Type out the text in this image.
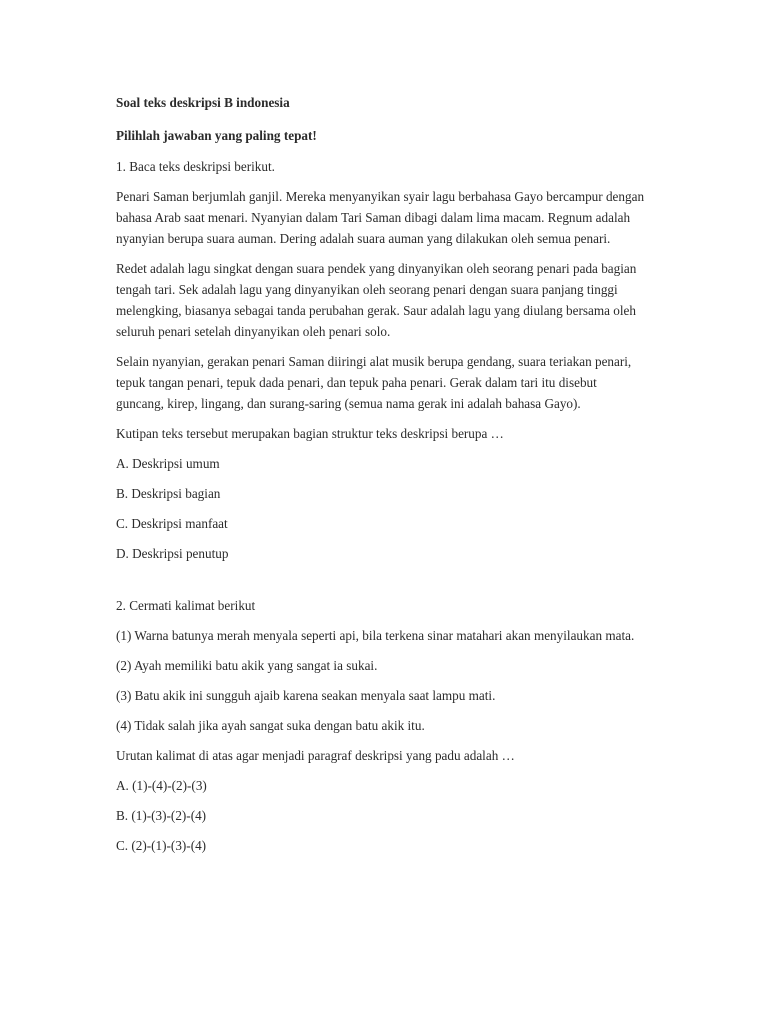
Soal teks deskripsi B indonesia

Pilihlah jawaban yang paling tepat!

1. Baca teks deskripsi berikut.

Penari Saman berjumlah ganjil. Mereka menyanyikan syair lagu berbahasa Gayo bercampur dengan bahasa Arab saat menari. Nyanyian dalam Tari Saman dibagi dalam lima macam. Regnum adalah nyanyian berupa suara auman. Dering adalah suara auman yang dilakukan oleh semua penari.

Redet adalah lagu singkat dengan suara pendek yang dinyanyikan oleh seorang penari pada bagian tengah tari. Sek adalah lagu yang dinyanyikan oleh seorang penari dengan suara panjang tinggi melengking, biasanya sebagai tanda perubahan gerak. Saur adalah lagu yang diulang bersama oleh seluruh penari setelah dinyanyikan oleh penari solo.

Selain nyanyian, gerakan penari Saman diiringi alat musik berupa gendang, suara teriakan penari, tepuk tangan penari, tepuk dada penari, dan tepuk paha penari. Gerak dalam tari itu disebut guncang, kirep, lingang, dan surang-saring (semua nama gerak ini adalah bahasa Gayo).

Kutipan teks tersebut merupakan bagian struktur teks deskripsi berupa …

A. Deskripsi umum

B. Deskripsi bagian

C. Deskripsi manfaat

D. Deskripsi penutup

2. Cermati kalimat berikut

(1) Warna batunya merah menyala seperti api, bila terkena sinar matahari akan menyilaukan mata.

(2) Ayah memiliki batu akik yang sangat ia sukai.

(3) Batu akik ini sungguh ajaib karena seakan menyala saat lampu mati.

(4) Tidak salah jika ayah sangat suka dengan batu akik itu.

Urutan kalimat di atas agar menjadi paragraf deskripsi yang padu adalah …

A. (1)-(4)-(2)-(3)

B. (1)-(3)-(2)-(4)

C. (2)-(1)-(3)-(4)
